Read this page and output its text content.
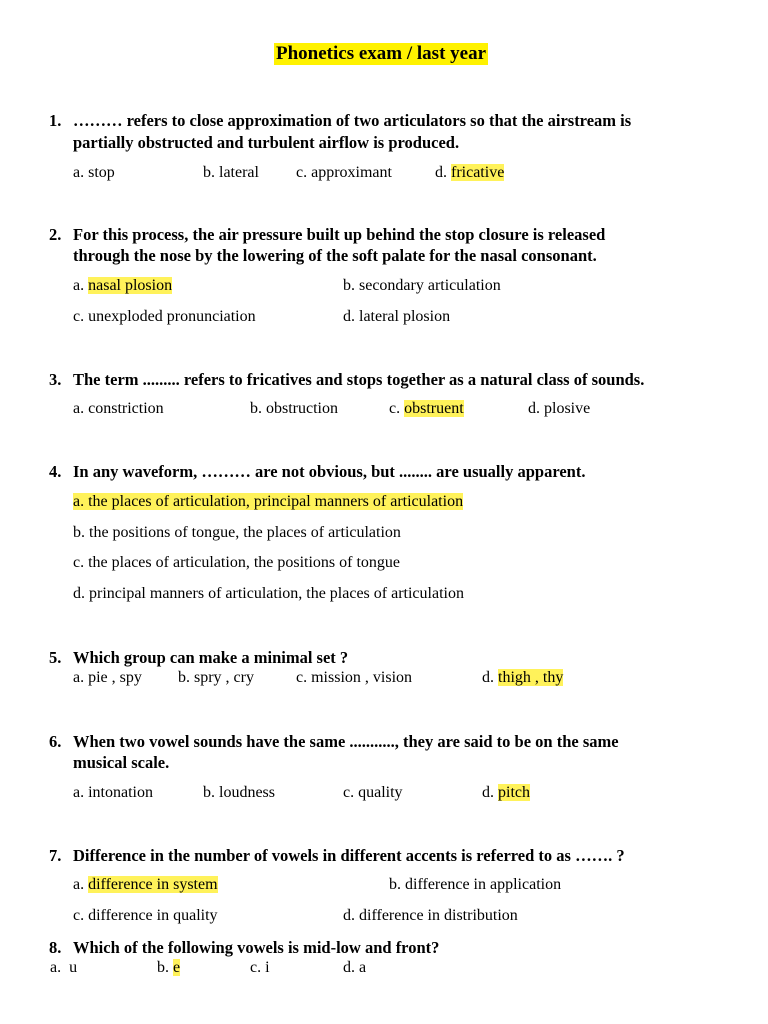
Phonetics exam / last year
1. ……… refers to close approximation of two articulators so that the airstream is
partially obstructed and turbulent airflow is produced.
a. stop	b. lateral c. approximant	d. fricative
2. For this process, the air pressure built up behind the stop closure is released
through the nose by the lowering of the soft palate for the nasal consonant.
a. nasal plosion	b. secondary articulation
c. unexploded pronunciation	d. lateral plosion
3. The term ......... refers to fricatives and stops together as a natural class of sounds.
a. constriction	b. obstruction	c. obstruent	d. plosive
4. In any waveform, ……… are not obvious, but ........ are usually apparent.
a. the places of articulation, principal manners of articulation
b. the positions of tongue, the places of articulation
c. the places of articulation, the positions of tongue
d. principal manners of articulation, the places of articulation
5. Which group can make a minimal set ?
a. pie , spy b. spry , cry	c. mission , vision	d. thigh , thy
6. When two vowel sounds have the same ..........., they are said to be on the same
musical scale.
a. intonation	b. loudness	c. quality	d. pitch
7. Difference in the number of vowels in different accents is referred to as ……. ?
a. difference in system	b. difference in application
c. difference in quality	d. difference in distribution
8. Which of the following vowels is mid-low and front?
a.  u	b. e	c. i	d. a
